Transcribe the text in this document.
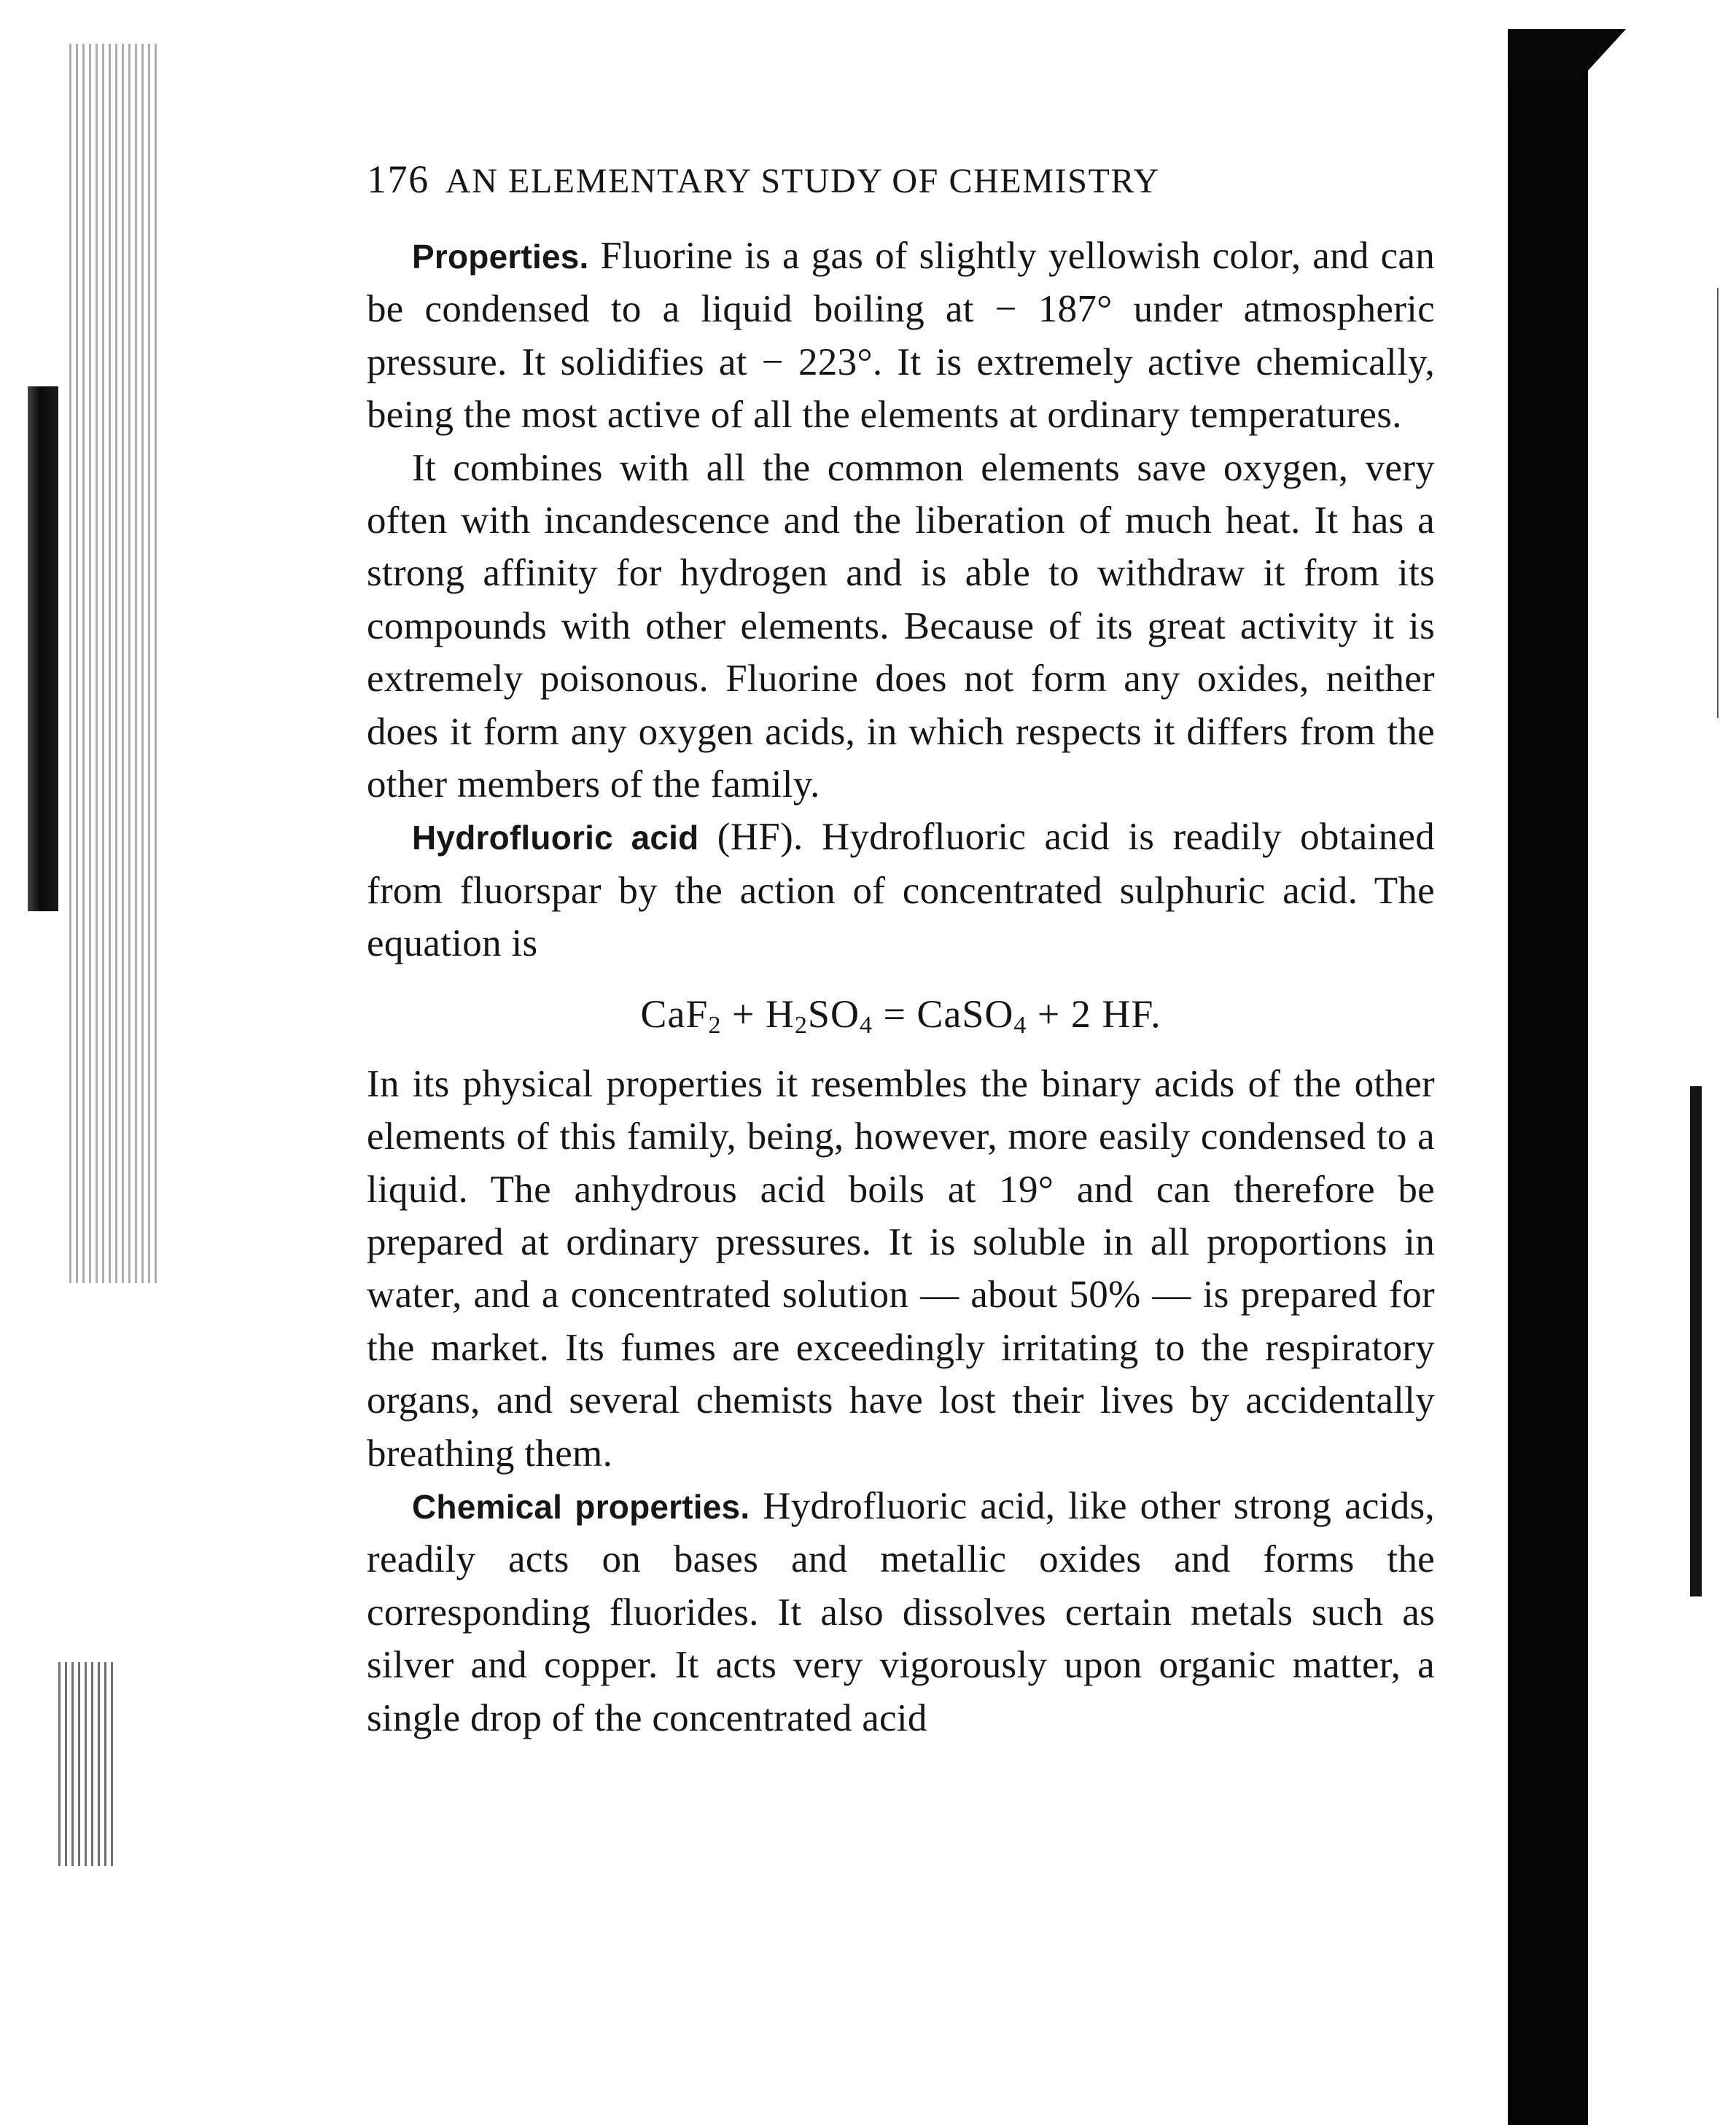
176 AN ELEMENTARY STUDY OF CHEMISTRY

Properties. Fluorine is a gas of slightly yellowish color, and can be condensed to a liquid boiling at − 187° under atmospheric pressure. It solidifies at − 223°. It is extremely active chemically, being the most active of all the elements at ordinary temperatures.

It combines with all the common elements save oxygen, very often with incandescence and the liberation of much heat. It has a strong affinity for hydrogen and is able to withdraw it from its compounds with other elements. Because of its great activity it is extremely poisonous. Fluorine does not form any oxides, neither does it form any oxygen acids, in which respects it differs from the other members of the family.

Hydrofluoric acid (HF). Hydrofluoric acid is readily obtained from fluorspar by the action of concentrated sulphuric acid. The equation is

$CaF_2 + H_2SO_4$ = CaSO$_4$ + 2 HF.

In its physical properties it resembles the binary acids of the other elements of this family, being, however, more easily condensed to a liquid. The anhydrous acid boils at 19° and can therefore be prepared at ordinary pressures. It is soluble in all proportions in water, and a concentrated solution — about 50% — is prepared for the market. Its fumes are exceedingly irritating to the respiratory organs, and several chemists have lost their lives by accidentally breathing them.

Chemical properties. Hydrofluoric acid, like other strong acids, readily acts on bases and metallic oxides and forms the corresponding fluorides. It also dissolves certain metals such as silver and copper. It acts very vigorously upon organic matter, a single drop of the concentrated acid
